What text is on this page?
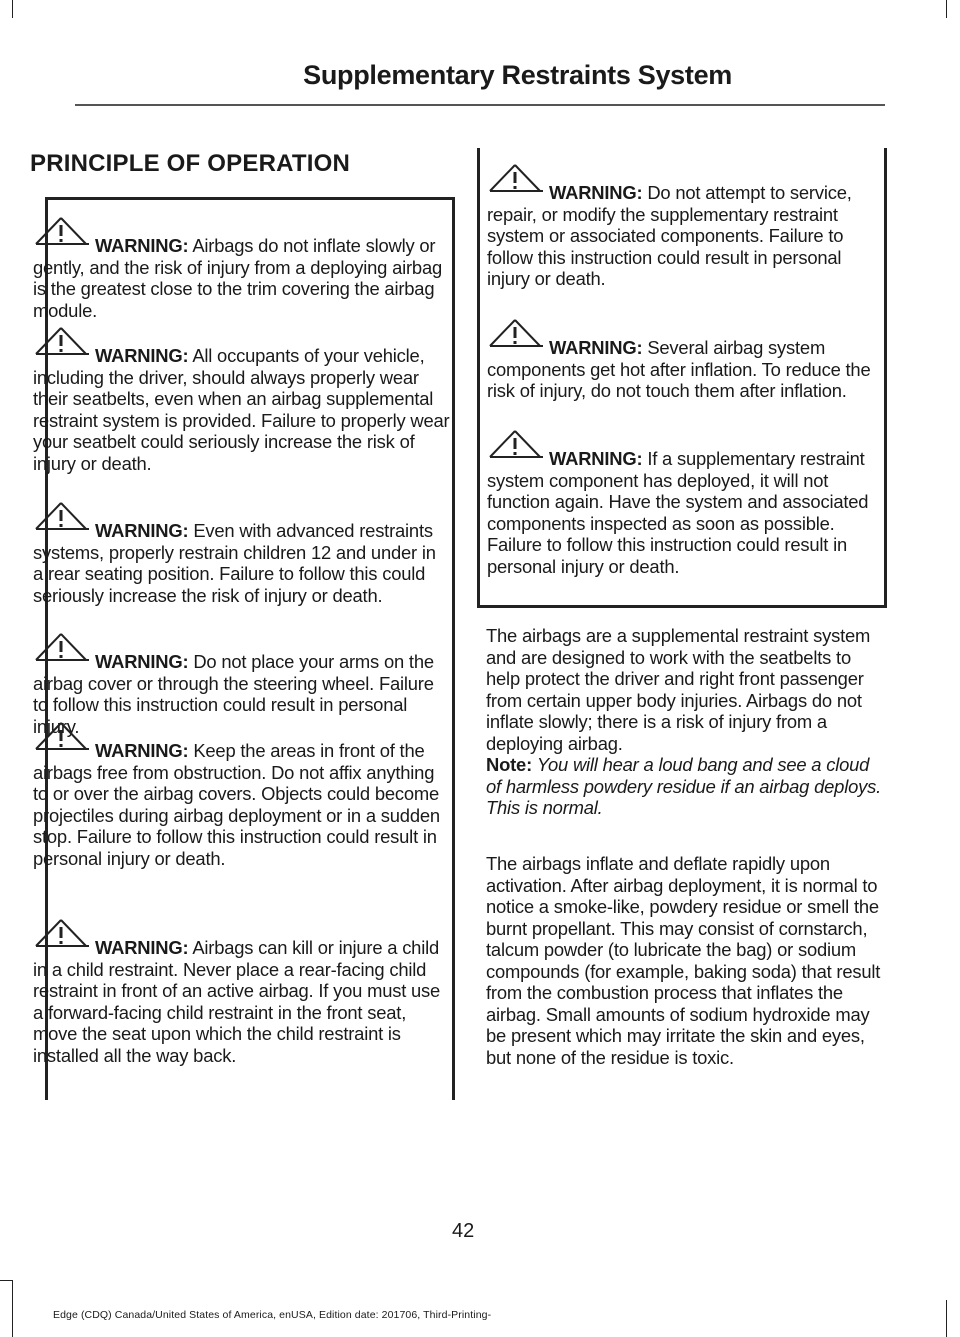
Supplementary Restraints System
PRINCIPLE OF OPERATION
WARNING: Airbags do not inflate slowly or gently, and the risk of injury from a deploying airbag is the greatest close to the trim covering the airbag module.
WARNING: All occupants of your vehicle, including the driver, should always properly wear their seatbelts, even when an airbag supplemental restraint system is provided. Failure to properly wear your seatbelt could seriously increase the risk of injury or death.
WARNING: Even with advanced restraints systems, properly restrain children 12 and under in a rear seating position. Failure to follow this could seriously increase the risk of injury or death.
WARNING: Do not place your arms on the airbag cover or through the steering wheel. Failure to follow this instruction could result in personal injury.
WARNING: Keep the areas in front of the airbags free from obstruction. Do not affix anything to or over the airbag covers. Objects could become projectiles during airbag deployment or in a sudden stop. Failure to follow this instruction could result in personal injury or death.
WARNING: Airbags can kill or injure a child in a child restraint. Never place a rear-facing child restraint in front of an active airbag. If you must use a forward-facing child restraint in the front seat, move the seat upon which the child restraint is installed all the way back.
WARNING: Do not attempt to service, repair, or modify the supplementary restraint system or associated components. Failure to follow this instruction could result in personal injury or death.
WARNING: Several airbag system components get hot after inflation. To reduce the risk of injury, do not touch them after inflation.
WARNING: If a supplementary restraint system component has deployed, it will not function again. Have the system and associated components inspected as soon as possible. Failure to follow this instruction could result in personal injury or death.

The airbags are a supplemental restraint system and are designed to work with the seatbelts to help protect the driver and right front passenger from certain upper body injuries. Airbags do not inflate slowly; there is a risk of injury from a deploying airbag.

Note: You will hear a loud bang and see a cloud of harmless powdery residue if an airbag deploys. This is normal.

The airbags inflate and deflate rapidly upon activation. After airbag deployment, it is normal to notice a smoke-like, powdery residue or smell the burnt propellant. This may consist of cornstarch, talcum powder (to lubricate the bag) or sodium compounds (for example, baking soda) that result from the combustion process that inflates the airbag. Small amounts of sodium hydroxide may be present which may irritate the skin and eyes, but none of the residue is toxic.

42
Edge (CDQ) Canada/United States of America, enUSA, Edition date: 201706, Third-Printing-
